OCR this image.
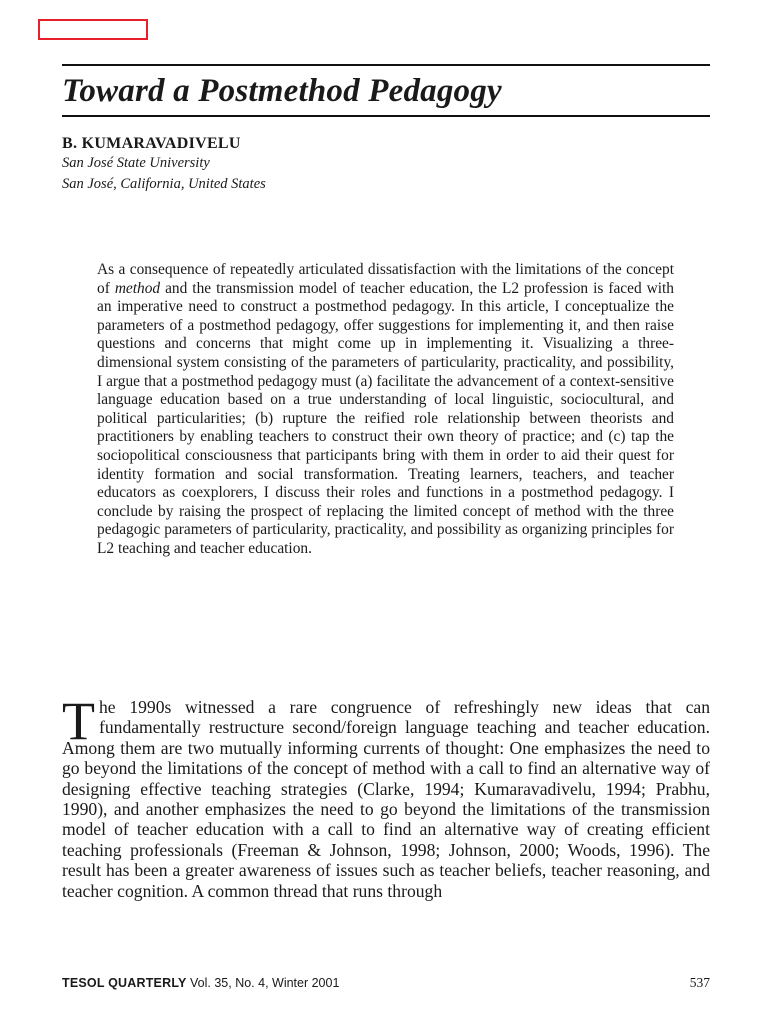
Toward a Postmethod Pedagogy
B. KUMARAVADIVELU
San José State University
San José, California, United States

As a consequence of repeatedly articulated dissatisfaction with the limitations of the concept of method and the transmission model of teacher education, the L2 profession is faced with an imperative need to construct a postmethod pedagogy. In this article, I conceptualize the parameters of a postmethod pedagogy, offer suggestions for implementing it, and then raise questions and concerns that might come up in implementing it. Visualizing a three-dimensional system consisting of the parameters of particularity, practicality, and possibility, I argue that a postmethod pedagogy must (a) facilitate the advancement of a context-sensitive language education based on a true understanding of local linguistic, sociocultural, and political particularities; (b) rupture the reified role relationship between theorists and practitioners by enabling teachers to construct their own theory of practice; and (c) tap the sociopolitical consciousness that participants bring with them in order to aid their quest for identity formation and social transformation. Treating learners, teachers, and teacher educators as coexplorers, I discuss their roles and functions in a postmethod pedagogy. I conclude by raising the prospect of replacing the limited concept of method with the three pedagogic parameters of particularity, practicality, and possibility as organizing principles for L2 teaching and teacher education.

The 1990s witnessed a rare congruence of refreshingly new ideas that can fundamentally restructure second/foreign language teaching and teacher education. Among them are two mutually informing currents of thought: One emphasizes the need to go beyond the limitations of the concept of method with a call to find an alternative way of designing effective teaching strategies (Clarke, 1994; Kumaravadivelu, 1994; Prabhu, 1990), and another emphasizes the need to go beyond the limitations of the transmission model of teacher education with a call to find an alternative way of creating efficient teaching professionals (Freeman & Johnson, 1998; Johnson, 2000; Woods, 1996). The result has been a greater awareness of issues such as teacher beliefs, teacher reasoning, and teacher cognition. A common thread that runs through

TESOL QUARTERLY Vol. 35, No. 4, Winter 2001	537
